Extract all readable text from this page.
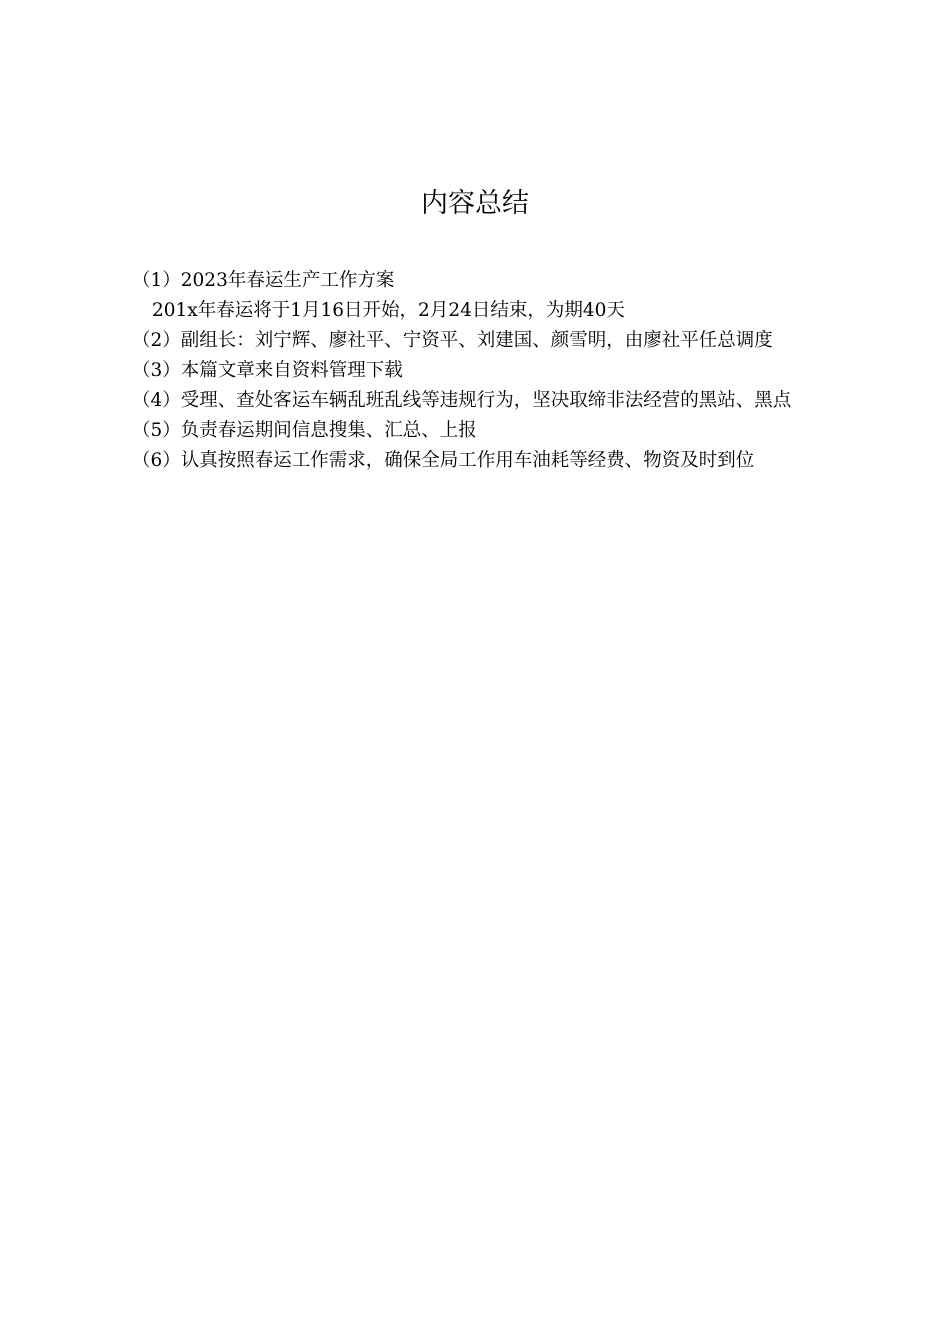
内容总结

（1）2023年春运生产工作方案

201x年春运将于1月16日开始，2月24日结束，为期40天

（2）副组长：刘宁辉、廖社平、宁资平、刘建国、颜雪明，由廖社平任总调度

（3）本篇文章来自资料管理下载

（4）受理、查处客运车辆乱班乱线等违规行为，坚决取缔非法经营的黑站、黑点

（5）负责春运期间信息搜集、汇总、上报

（6）认真按照春运工作需求，确保全局工作用车油耗等经费、物资及时到位
